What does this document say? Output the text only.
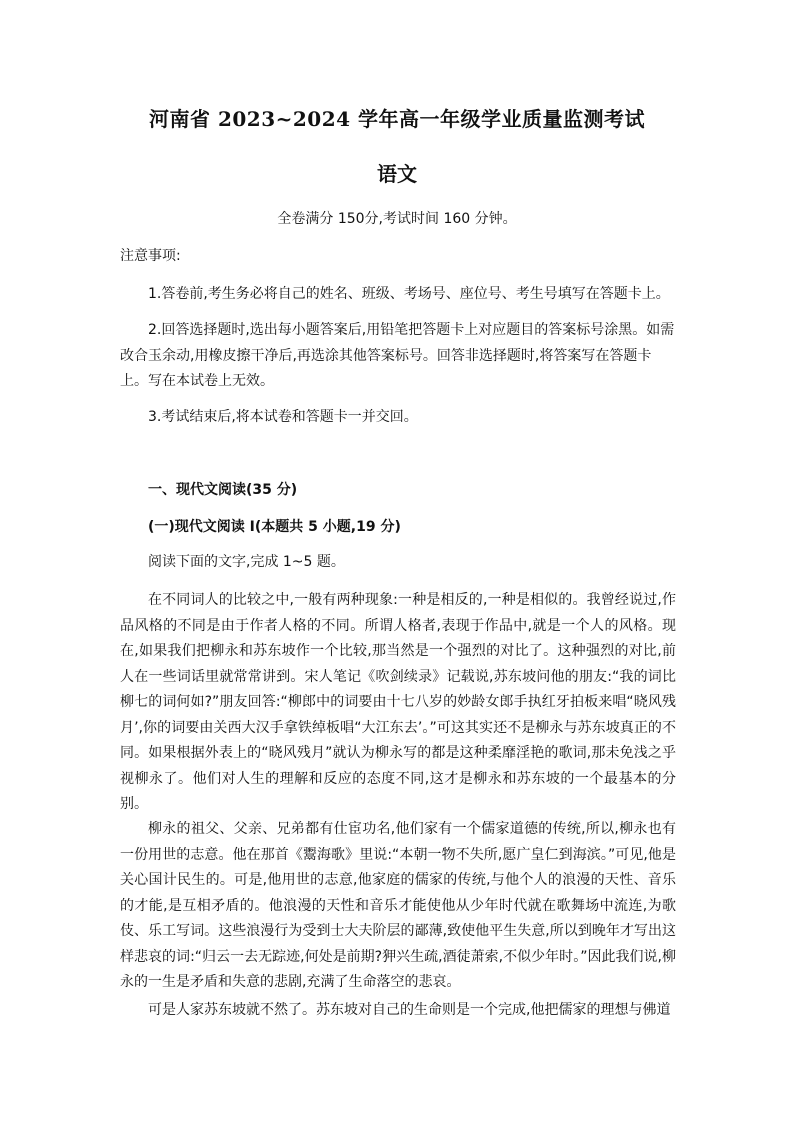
河南省 2023~2024 学年高一年级学业质量监测考试
语文
全卷满分 150分,考试时间 160 分钟。
注意事项:

1.答卷前,考生务必将自己的姓名、班级、考场号、座位号、考生号填写在答题卡上。

2.回答选择题时,选出每小题答案后,用铅笔把答题卡上对应题目的答案标号涂黑。如需改合玉余动,用橡皮擦干净后,再选涂其他答案标号。回答非选择题时,将答案写在答题卡上。写在本试卷上无效。

3.考试结束后,将本试卷和答题卡一并交回。

一、现代文阅读(35 分)
(一)现代文阅读 I(本题共 5 小题,19 分)
阅读下面的文字,完成 1~5 题。

在不同词人的比较之中,一般有两种现象:一种是相反的,一种是相似的。我曾经说过,作品风格的不同是由于作者人格的不同。所谓人格者,表现于作品中,就是一个人的风格。现在,如果我们把柳永和苏东坡作一个比较,那当然是一个强烈的对比了。这种强烈的对比,前人在一些词话里就常常讲到。宋人笔记《吹剑续录》记载说,苏东坡问他的朋友:“我的词比柳七的词何如?”朋友回答:“柳郎中的词要由十七八岁的妙龄女郎手执红牙拍板来唱“晓风残月’,你的词要由关西大汉手拿铁绰板唱“大江东去’。”可这其实还不是柳永与苏东坡真正的不同。如果根据外表上的“晓风残月”就认为柳永写的都是这种柔靡淫艳的歌词,那未免浅之乎视柳永了。他们对人生的理解和反应的态度不同,这才是柳永和苏东坡的一个最基本的分别。

柳永的祖父、父亲、兄弟都有仕宦功名,他们家有一个儒家道德的传统,所以,柳永也有一份用世的志意。他在那首《鬻海歌》里说:“本朝一物不失所,愿广皇仁到海滨。”可见,他是关心国计民生的。可是,他用世的志意,他家庭的儒家的传统,与他个人的浪漫的天性、音乐的才能,是互相矛盾的。他浪漫的天性和音乐才能使他从少年时代就在歌舞场中流连,为歌伎、乐工写词。这些浪漫行为受到士大夫阶层的鄙薄,致使他平生失意,所以到晚年才写出这样悲哀的词:“归云一去无踪迹,何处是前期?狎兴生疏,酒徒萧索,不似少年时。”因此我们说,柳永的一生是矛盾和失意的悲剧,充满了生命落空的悲哀。

可是人家苏东坡就不然了。苏东坡对自己的生命则是一个完成,他把儒家的理想与佛道
